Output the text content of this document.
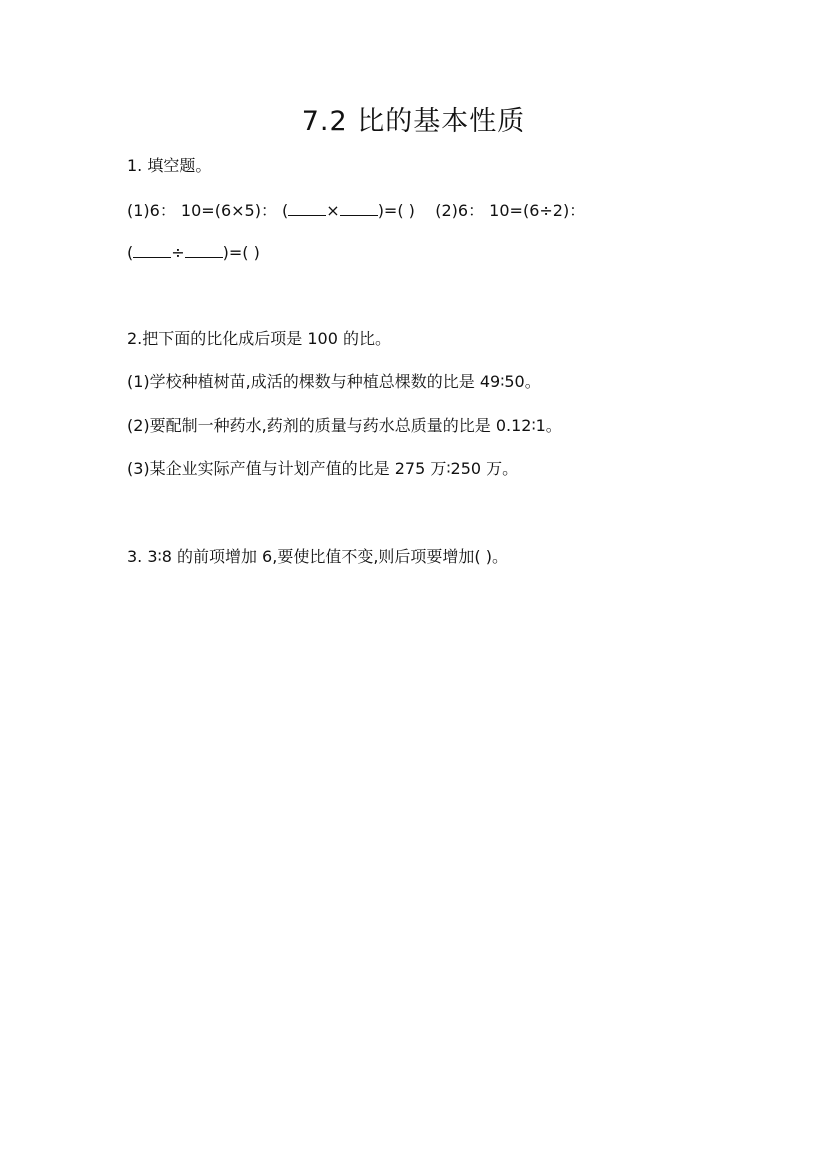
7.2 比的基本性质
1. 填空题。
(1)6： 10=(6×5)： ( × )=( ) (2)6： 10=(6÷2)：
( ÷ )=( )
2.把下面的比化成后项是 100 的比。
(1)学校种植树苗,成活的棵数与种植总棵数的比是 49∶50。
(2)要配制一种药水,药剂的质量与药水总质量的比是 0.12∶1。
(3)某企业实际产值与计划产值的比是 275 万∶250 万。
3. 3∶8 的前项增加 6,要使比值不变,则后项要增加( )。
